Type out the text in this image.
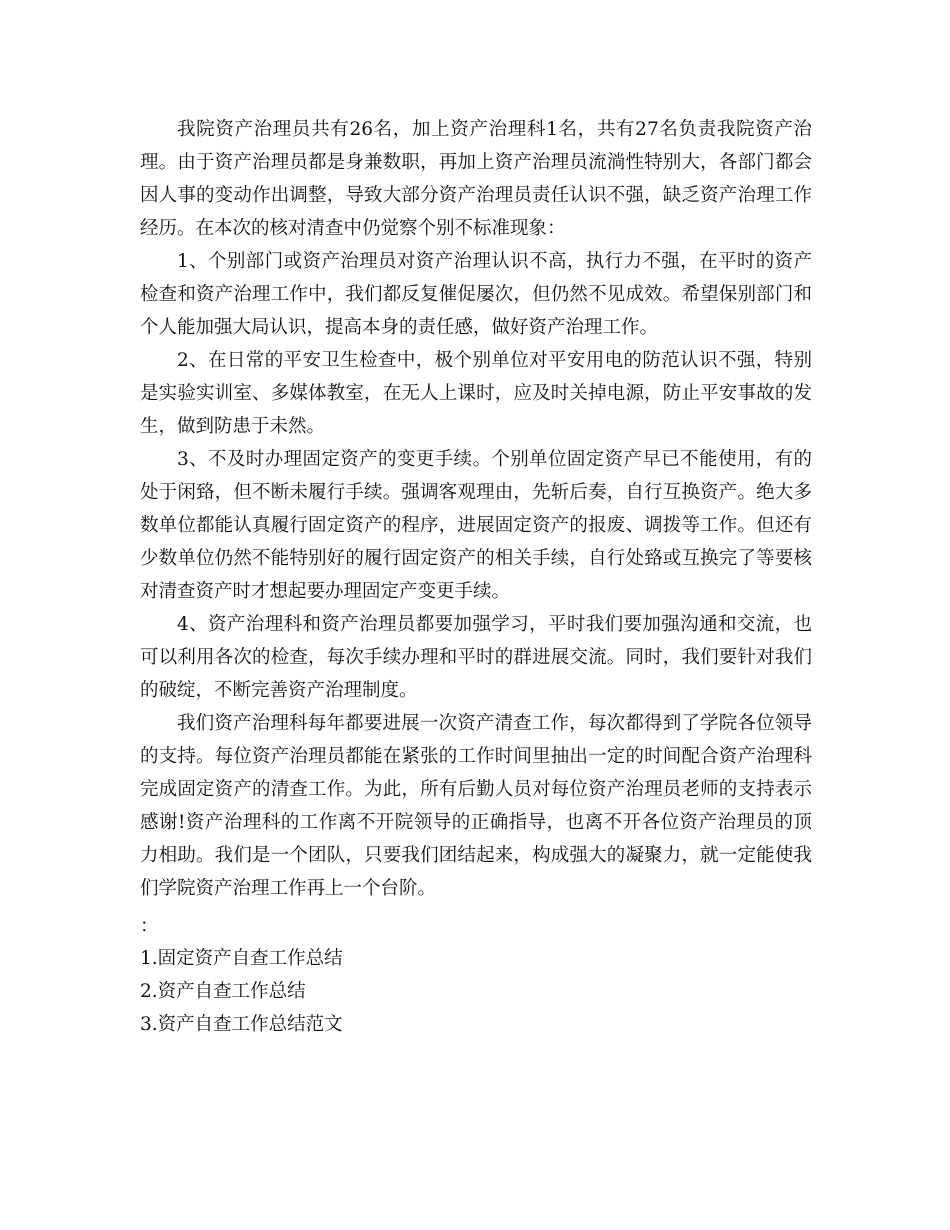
我院资产治理员共有26名，加上资产治理科1名，共有27名负责我院资产治理。由于资产治理员都是身兼数职，再加上资产治理员流淌性特别大，各部门都会因人事的变动作出调整，导致大部分资产治理员责任认识不强，缺乏资产治理工作经历。在本次的核对清查中仍觉察个别不标准现象：

1、个别部门或资产治理员对资产治理认识不高，执行力不强，在平时的资产检查和资产治理工作中，我们都反复催促屡次，但仍然不见成效。希望保别部门和个人能加强大局认识，提高本身的责任感，做好资产治理工作。

2、在日常的平安卫生检查中，极个别单位对平安用电的防范认识不强，特别是实验实训室、多媒体教室，在无人上课时，应及时关掉电源，防止平安事故的发生，做到防患于未然。

3、不及时办理固定资产的变更手续。个别单位固定资产早已不能使用，有的处于闲臵，但不断未履行手续。强调客观理由，先斩后奏，自行互换资产。绝大多数单位都能认真履行固定资产的程序，进展固定资产的报废、调拨等工作。但还有少数单位仍然不能特别好的履行固定资产的相关手续，自行处臵或互换完了等要核对清查资产时才想起要办理固定产变更手续。

4、资产治理科和资产治理员都要加强学习，平时我们要加强沟通和交流，也可以利用各次的检查，每次手续办理和平时的群进展交流。同时，我们要针对我们的破绽，不断完善资产治理制度。

我们资产治理科每年都要进展一次资产清查工作，每次都得到了学院各位领导的支持。每位资产治理员都能在紧张的工作时间里抽出一定的时间配合资产治理科完成固定资产的清查工作。为此，所有后勤人员对每位资产治理员老师的支持表示感谢!资产治理科的工作离不开院领导的正确指导，也离不开各位资产治理员的顶力相助。我们是一个团队，只要我们团结起来，构成强大的凝聚力，就一定能使我们学院资产治理工作再上一个台阶。

：

1.固定资产自查工作总结
2.资产自查工作总结
3.资产自查工作总结范文
